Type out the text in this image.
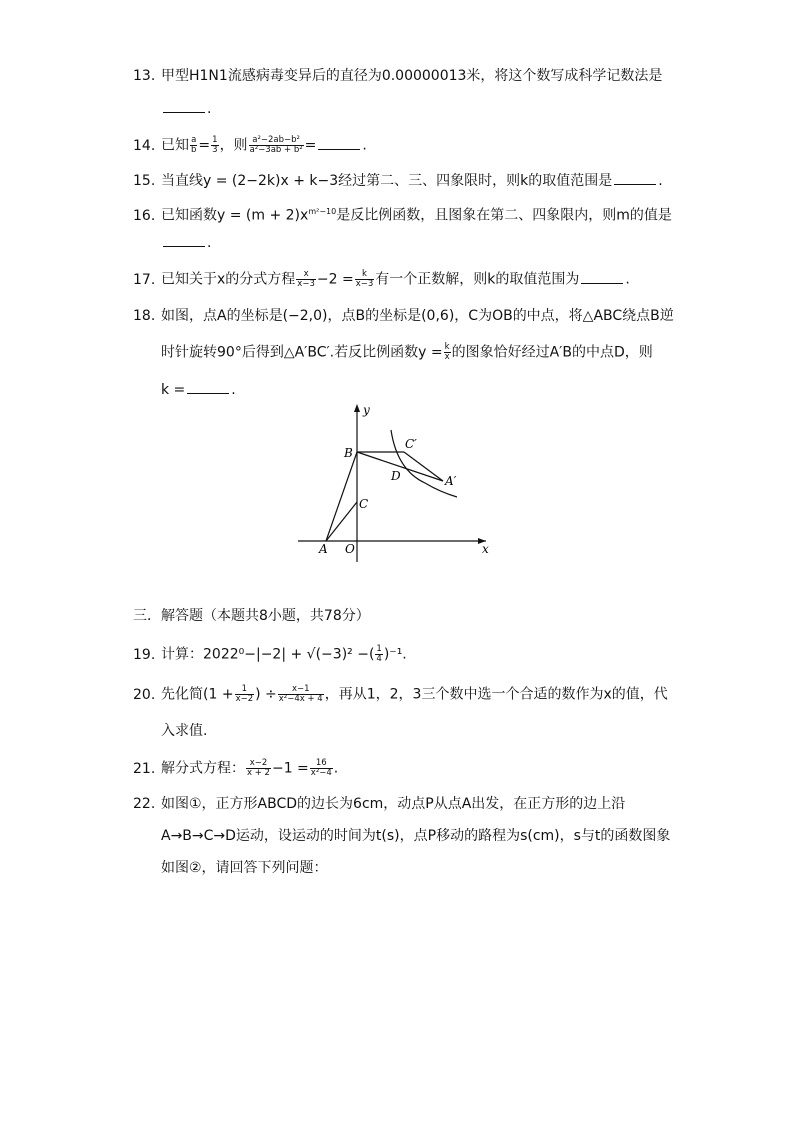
13. 甲型H1N1流感病毒变异后的直径为0.00000013米，将这个数写成科学记数法是
.
14. 已知 $\frac{a}{b} = \frac{1}{3}$ ，则 $\frac{\text{a²−2ab−b²}}{\text{a²−3ab + b²}}$ =	.
15. 当直线y = (2−2k)x + k−3经过第二、三、四象限时，则k的取值范围是	.
16. 已知函数$y = (m + 2)x^{m^2-10}$是反比例函数，且图象在第二、四象限内，则m的值是
.
17. 已知关于x的分式方程 $\frac{x}{x-3} -2 = \frac{k}{x-3}$ 有一个正数解，则k的取值范围为	.
18. 如图，点A的坐标是(−2,0)，点B的坐标是(0,6)，C为OB的中点，将△ABC绕点B逆
时针旋转90°后得到△A′BC′.若反比例函数$y = \frac{k}{x}$ 的图象恰好经过A′B的中点D，则
k =	.
B
C
C′
D	A′
A O	x
y
三．解答题（本题共8小题，共78分）
19. 计算：2022⁰−|−2| + √(−3)² −( $\frac{1}{4} )^{-1}$.
20. 先化简($1 + \frac{1}{x-2}$ ) ÷ $\frac{x-1}{\text{x²−4x + 4}}$ ，再从1，2，3三个数中选一个合适的数作为x的值，代
入求值.
21. 解分式方程： $\frac{x-2}{x + 2} -1 = \frac{16}{\text{x²−4}}$ .
22. 如图①，正方形ABCD的边长为6cm，动点P从点A出发，在正方形的边上沿
A→B→C→D运动，设运动的时间为t(s)，点P移动的路程为s(cm)，s与t的函数图象
如图②，请回答下列问题：
